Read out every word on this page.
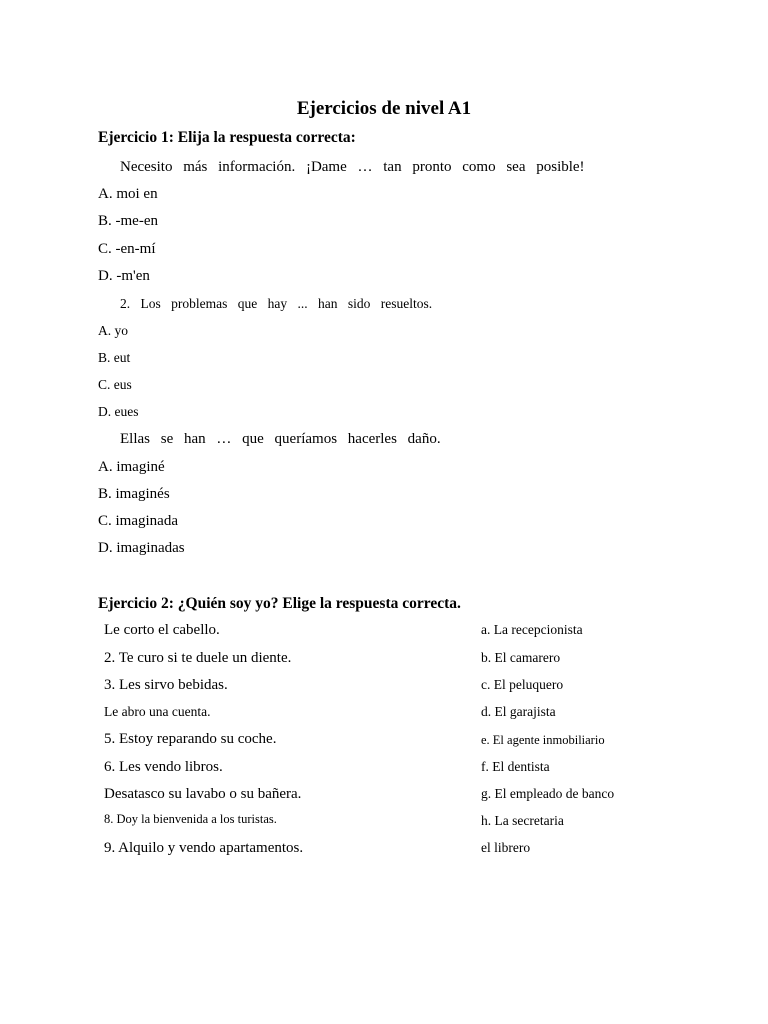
Ejercicios de nivel A1
Ejercicio 1: Elija la respuesta correcta:
Necesito más información. ¡Dame … tan pronto como sea posible!
A. moi en
B. -me-en
C. -en-mí
D. -m'en
2. Los problemas que hay ... han sido resueltos.
A. yo
B. eut
C. eus
D. eues
Ellas se han … que queríamos hacerles daño.
A. imaginé
B. imaginés
C. imaginada
D. imaginadas
Ejercicio 2: ¿Quién soy yo? Elige la respuesta correcta.
Le corto el cabello.
2. Te curo si te duele un diente.
3. Les sirvo bebidas.
Le abro una cuenta.
5. Estoy reparando su coche.
6. Les vendo libros.
Desatasco su lavabo o su bañera.
8. Doy la bienvenida a los turistas.
9. Alquilo y vendo apartamentos.
a. La recepcionista
b. El camarero
c. El peluquero
d. El garajista
e. El agente inmobiliario
f. El dentista
g. El empleado de banco
h. La secretaria
el librero
